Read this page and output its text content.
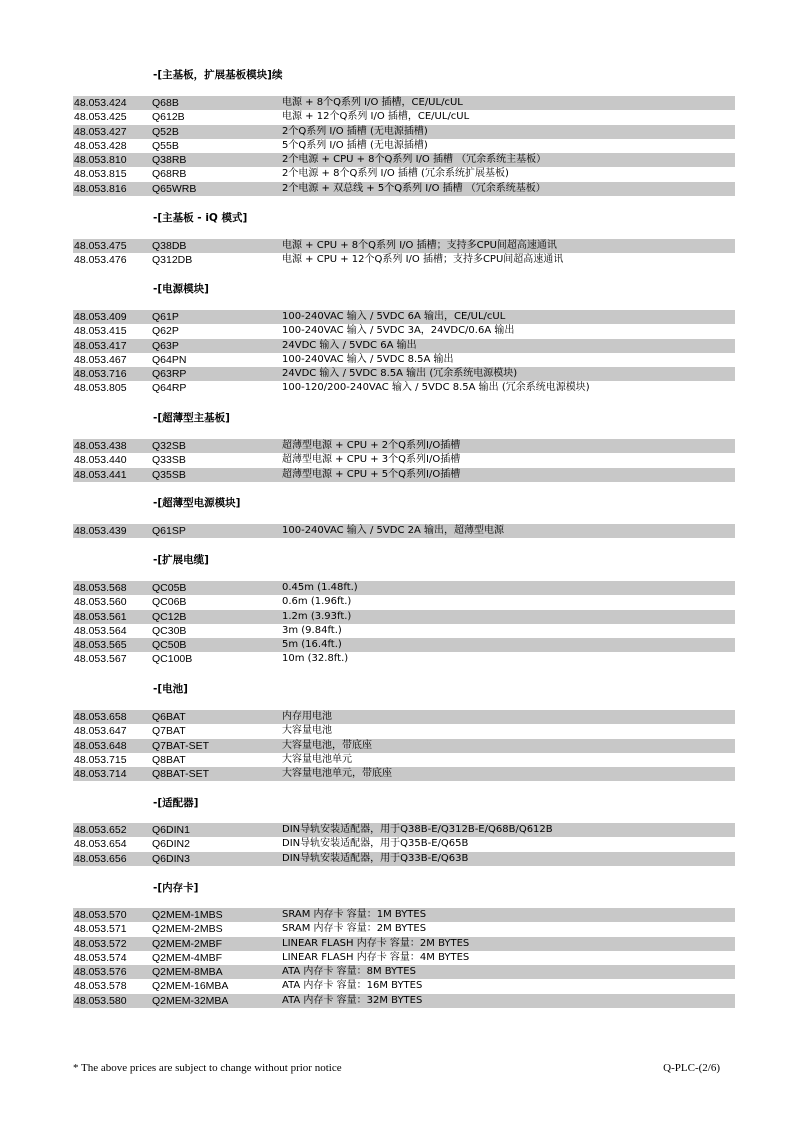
-[主基板，扩展基板模块]续
48.053.424 Q68B	电源 + 8个Q系列 I/O 插槽，CE/UL/cUL
48.053.425 Q612B	电源 + 12个Q系列 I/O 插槽，CE/UL/cUL
48.053.427 Q52B	2个Q系列 I/O 插槽 (无电源插槽)
48.053.428 Q55B	5个Q系列 I/O 插槽 (无电源插槽)
48.053.810 Q38RB	2个电源 + CPU + 8个Q系列 I/O 插槽 （冗余系统主基板）
48.053.815 Q68RB	2个电源 + 8个Q系列 I/O 插槽 (冗余系统扩展基板)
48.053.816 Q65WRB	2个电源 + 双总线 + 5个Q系列 I/O 插槽 （冗余系统基板）
-[主基板 - iQ 模式]
48.053.475 Q38DB	电源 + CPU + 8个Q系列 I/O 插槽；支持多CPU间超高速通讯
48.053.476 Q312DB	电源 + CPU + 12个Q系列 I/O 插槽；支持多CPU间超高速通讯
-[电源模块]
48.053.409 Q61P	100-240VAC 输入 / 5VDC 6A 输出，CE/UL/cUL
48.053.415 Q62P	100-240VAC 输入 / 5VDC 3A，24VDC/0.6A 输出
48.053.417 Q63P	24VDC 输入 / 5VDC 6A 输出
48.053.467 Q64PN	100-240VAC 输入 / 5VDC 8.5A 输出
48.053.716 Q63RP	24VDC 输入 / 5VDC 8.5A 输出 (冗余系统电源模块)
48.053.805 Q64RP	100-120/200-240VAC 输入 / 5VDC 8.5A 输出 (冗余系统电源模块)
-[超薄型主基板]
48.053.438 Q32SB	超薄型电源 + CPU + 2个Q系列I/O插槽
48.053.440 Q33SB	超薄型电源 + CPU + 3个Q系列I/O插槽
48.053.441 Q35SB	超薄型电源 + CPU + 5个Q系列I/O插槽
-[超薄型电源模块]
48.053.439 Q61SP	100-240VAC 输入 / 5VDC 2A 输出，超薄型电源
-[扩展电缆]
48.053.568 QC05B	0.45m (1.48ft.)
48.053.560 QC06B	0.6m (1.96ft.)
48.053.561 QC12B	1.2m (3.93ft.)
48.053.564 QC30B	3m (9.84ft.)
48.053.565 QC50B	5m (16.4ft.)
48.053.567 QC100B	10m (32.8ft.)
-[电池]
48.053.658 Q6BAT	内存用电池
48.053.647 Q7BAT	大容量电池
48.053.648 Q7BAT-SET	大容量电池，带底座
48.053.715 Q8BAT	大容量电池单元
48.053.714 Q8BAT-SET	大容量电池单元，带底座
-[适配器]
48.053.652 Q6DIN1	DIN导轨安装适配器，用于Q38B-E/Q312B-E/Q68B/Q612B
48.053.654 Q6DIN2	DIN导轨安装适配器，用于Q35B-E/Q65B
48.053.656 Q6DIN3	DIN导轨安装适配器，用于Q33B-E/Q63B
-[内存卡]
48.053.570 Q2MEM-1MBS	SRAM 内存卡 容量：1M BYTES
48.053.571 Q2MEM-2MBS	SRAM 内存卡 容量：2M BYTES
48.053.572 Q2MEM-2MBF	LINEAR FLASH 内存卡 容量：2M BYTES
48.053.574 Q2MEM-4MBF	LINEAR FLASH 内存卡 容量：4M BYTES
48.053.576 Q2MEM-8MBA	ATA 内存卡 容量：8M BYTES
48.053.578 Q2MEM-16MBA	ATA 内存卡 容量：16M BYTES
48.053.580 Q2MEM-32MBA	ATA 内存卡 容量：32M BYTES
* The above prices are subject to change without prior notice	Q-PLC-(2/6)
